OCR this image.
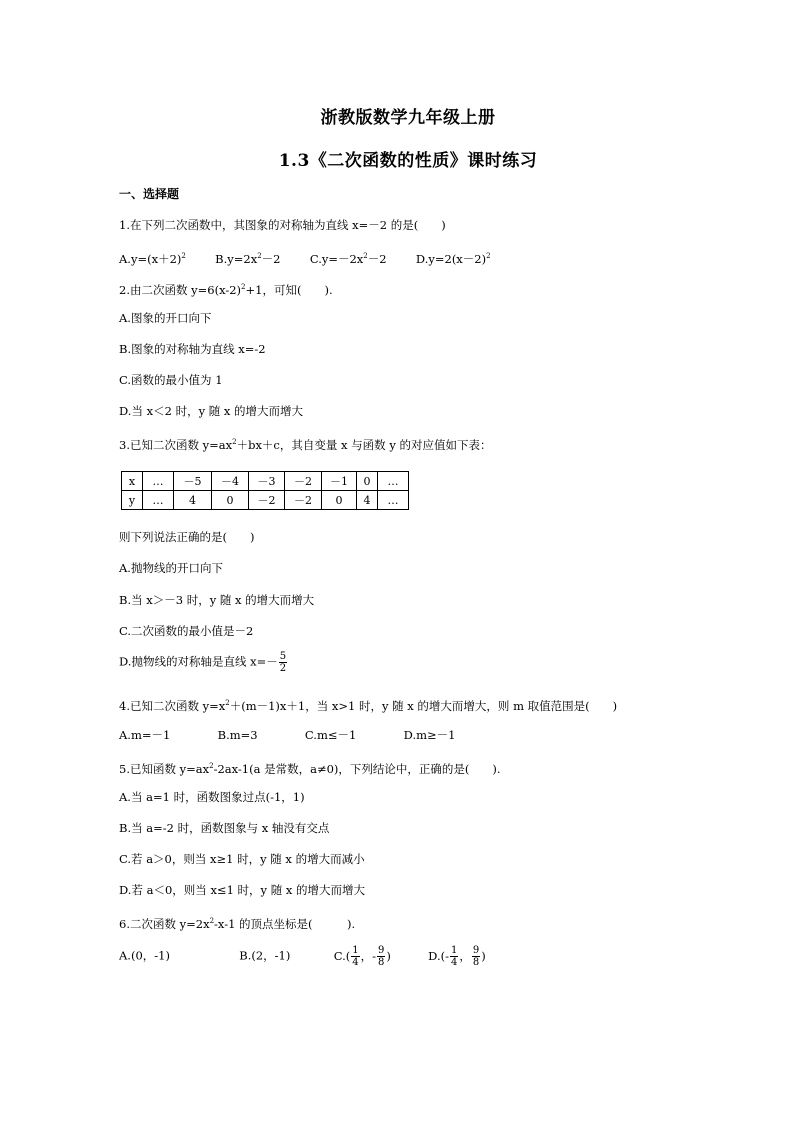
浙教版数学九年级上册
1.3《二次函数的性质》课时练习
一、选择题
1.在下列二次函数中，其图象的对称轴为直线 x=－2 的是(　　)
$A.y=(x+2)^2$	$B.y=2x^2-2$	$C.y=-2x^2-2$	$D.y=2(x-2)^2$
2.由二次函数 $y=6(x-2)^2+1$，可知(　　).
A.图象的开口向下
B.图象的对称轴为直线 x=-2
C.函数的最小值为 1
D.当 x＜2 时，y 随 x 的增大而增大
3.已知二次函数 $y=ax^2+bx+c$，其自变量 x 与函数 y 的对应值如下表：
x	…	－5	－4	－3	－2	－1	0	…
y	…	4	0	－2	－2	0	4	…
则下列说法正确的是(　　)
A.抛物线的开口向下
B.当 x＞－3 时，y 随 x 的增大而增大
C.二次函数的最小值是－2
D.抛物线的对称轴是直线 $x=- \frac{5}{2}$
4.已知二次函数 $y=x^2+(m-1)x+1$，当 x>1 时，y 随 x 的增大而增大，则 m 取值范围是(　　)
A.m=－1	B.m=3	C.m≤－1	D.m≥－1
5.已知函数 $y=ax^2-2ax-1(a$ 是常数，a≠0)，下列结论中，正确的是(　　).
A.当 a=1 时，函数图象过点(-1，1)
B.当 a=-2 时，函数图象与 x 轴没有交点
C.若 a＞0，则当 x≥1 时，y 随 x 的增大而减小
D.若 a＜0，则当 x≤1 时，y 随 x 的增大而增大
6.二次函数 $y=2x^2-x-1$ 的顶点坐标是(　　　).
A.(0，-1)	B.(2，-1)	$C.( \frac{1}{4}$ ，- $\frac{9}{8}$ )	$D.(- \frac{1}{4}$ ， $\frac{9}{8}$ )
